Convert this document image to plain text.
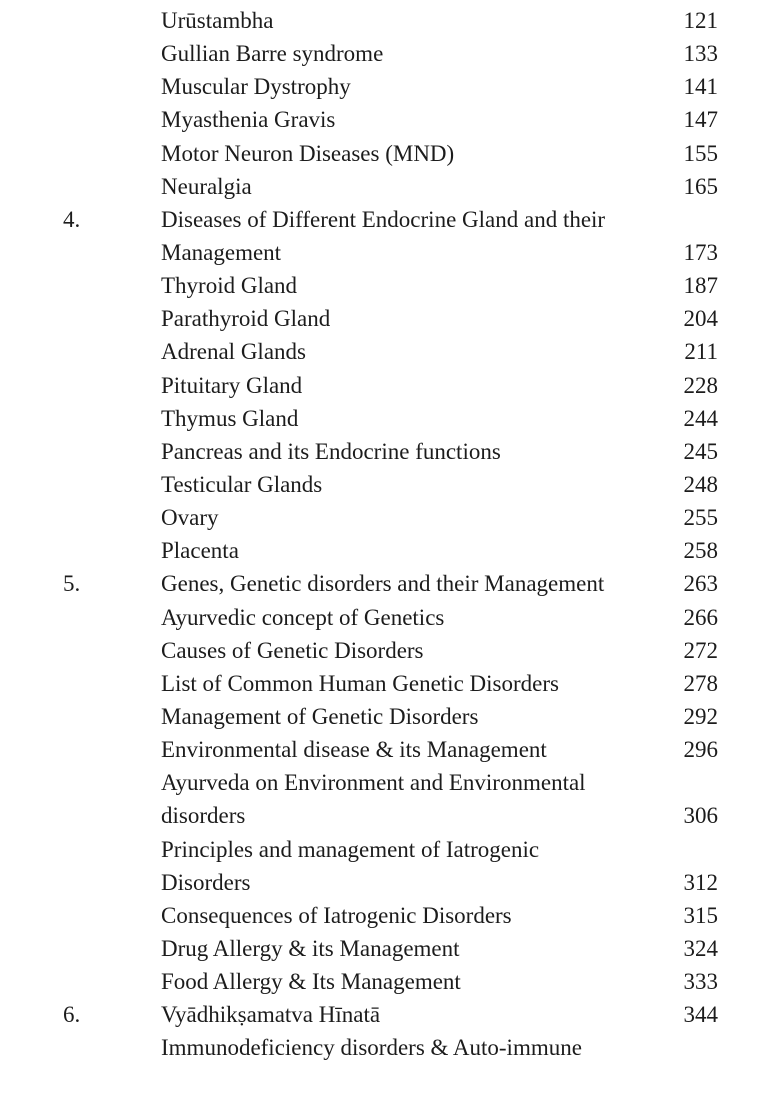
Urūstambha	121
Gullian Barre syndrome	133
Muscular Dystrophy	141
Myasthenia Gravis	147
Motor Neuron Diseases (MND)	155
Neuralgia	165
4.	Diseases of Different Endocrine Gland and their
Management	173
Thyroid Gland	187
Parathyroid Gland	204
Adrenal Glands	211
Pituitary Gland	228
Thymus Gland	244
Pancreas and its Endocrine functions	245
Testicular Glands	248
Ovary	255
Placenta	258
5.	Genes, Genetic disorders and their Management	263
Ayurvedic concept of Genetics	266
Causes of Genetic Disorders	272
List of Common Human Genetic Disorders	278
Management of Genetic Disorders	292
Environmental disease & its Management	296
Ayurveda on Environment and Environmental
disorders	306
Principles and management of Iatrogenic
Disorders	312
Consequences of Iatrogenic Disorders	315
Drug Allergy & its Management	324
Food Allergy & Its Management	333
6.	Vyādhikṣamatva Hīnatā	344
Immunodeficiency disorders & Auto-immune
